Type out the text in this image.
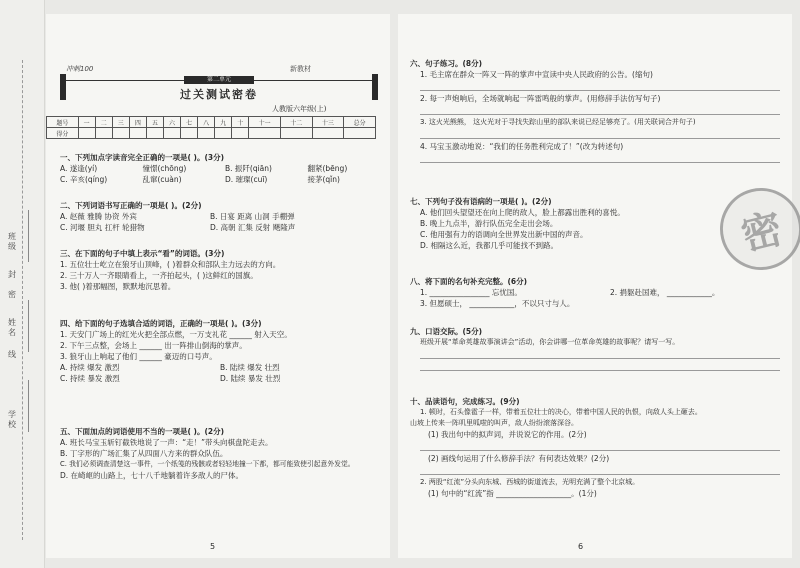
班级
密
姓名
封
线
学校
冲刺100	新教材
第二单元
过关测试密卷
人教版六年级(上)
题号	一	二	三	四	五	六	七	八	九	十	十一	十二	十三	总分
得分														
一、下列加点字读音完全正确的一项是( )。(3分)
A. 遂逢(yí)	憧憬(chōng)	B. 振阡(qiān)	翻紧(bēng)
C. 辛亥(qíng)	乱窜(cuàn)	D. 璀璨(cuī)	接茅(qǐn)
二、下列词语书写正确的一项是( )。(2分)
A. 赵薇 雅腾 协资 外宾	B. 日宴 距离 山洞 手棚弹
C. 河堰 胆丸 扛杆 轮猎物	D. 高朝 汇集 反射 飓隆声
三、在下面的句子中填上表示“看”的词语。(3分)
1. 五位壮士屹立在狼牙山顶峰，( )着群众和部队主力远去的方向。
2. 三十万人一齐眼睛看上，一齐拍起头，( )这鲜红的国旗。
3. 他( )着那幅图，默默地沉思着。
四、给下面的句子选填合适的词语，正确的一项是( )。(3分)
1. 天安门广场上的红光火把全部点燃，一万支礼花 ______ 射入天空。
2. 下午三点整，会场上 ______ 出一阵排山倒海的掌声。
3. 狼牙山上响起了他们 ______ 豪迈的口号声。
A. 持续 爆发 激烈	B. 陆续 爆发 壮烈
C. 持续 暴发 激烈	D. 陆续 暴发 壮烈
五、下面加点的词语使用不当的一项是( )。(2分)
A. 班长马宝玉斩钉截铁地说了一声：“走！”带头向棋盘陀走去。
B. 丁字形的广场汇集了从四面八方来的群众队伍。
C. 我们必须调查清楚这一事件，一个纸笺的残骸或者轻轻地撞一下都，都可能致使引起意外发觉。
D. 在崎岖的山路上，七十八千地躺着许多敌人的尸体。
5
六、句子练习。(8分)
1. 毛主席在群众一阵又一阵的掌声中宣读中央人民政府的公告。(缩句)
2. 每一声炮响后，全场就响起一阵雷鸣般的掌声。(用修辞手法仿写句子)
3. 这火光熊熊， 这火光对于寻找失踪山里的部队来说已经足够亮了。(用关联词合并句子)
4. 马宝玉激动地说：“我们的任务胜利完成了！”(改为转述句)
七、下列句子没有语病的一项是( )。(2分)
A. 他们回头望望还在向上爬的敌人，脸上都露出胜利的喜悦。
B. 晚上九点半，游行队伍完全走出会场。
C. 他用强有力的语调向全世界发出新中国的声音。
D. 相隔这么近，我都几乎可能找不到路。
八、将下面的名句补充完整。(6分)
1. ________________ 忘忧国。	2. 捐躯赴国难， ____________。
3. 但愿硕士， ____________，不以只寸与人。
九、口语交际。(5分)
班级开展“革命英雄故事演讲会”活动，你会讲哪一位革命英雄的故事呢？请写一写。
十、品读语句，完成练习。(9分)
1. 顿时，石头像雹子一样，带着五位壮士的决心，带着中国人民的仇恨，向敌人头上砸去。
山坡上传来一阵叽里呱啦的叫声，敌人纷纷滚落深谷。
(1) 我出句中的拟声词，并说说它的作用。(2分)
(2) 画线句运用了什么修辞手法？有何表达效果？(2分)
2. 两股“红流”分头向东城、西城的街道流去，光明充满了整个北京城。
(1) 句中的“红流”指 ____________________。(1分)
6
密
